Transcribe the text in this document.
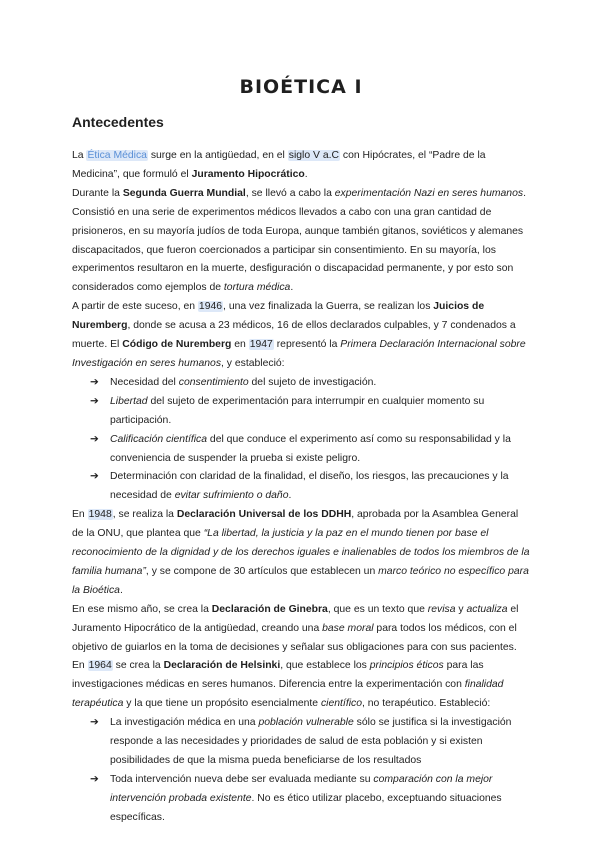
BIOÉTICA I
Antecedentes

La Ética Médica surge en la antigüedad, en el siglo V a.C con Hipócrates, el “Padre de la Medicina”, que formuló el Juramento Hipocrático.

Durante la Segunda Guerra Mundial, se llevó a cabo la experimentación Nazi en seres humanos. Consistió en una serie de experimentos médicos llevados a cabo con una gran cantidad de prisioneros, en su mayoría judíos de toda Europa, aunque también gitanos, soviéticos y alemanes discapacitados, que fueron coercionados a participar sin consentimiento. En su mayoría, los experimentos resultaron en la muerte, desfiguración o discapacidad permanente, y por esto son considerados como ejemplos de tortura médica.

A partir de este suceso, en 1946, una vez finalizada la Guerra, se realizan los Juicios de Nuremberg, donde se acusa a 23 médicos, 16 de ellos declarados culpables, y 7 condenados a muerte. El Código de Nuremberg en 1947 representó la Primera Declaración Internacional sobre Investigación en seres humanos, y estableció:

➔ Necesidad del consentimiento del sujeto de investigación.
➔ Libertad del sujeto de experimentación para interrumpir en cualquier momento su participación.
➔ Calificación científica del que conduce el experimento así como su responsabilidad y la conveniencia de suspender la prueba si existe peligro.
➔ Determinación con claridad de la finalidad, el diseño, los riesgos, las precauciones y la necesidad de evitar sufrimiento o daño.

En 1948, se realiza la Declaración Universal de los DDHH, aprobada por la Asamblea General de la ONU, que plantea que “La libertad, la justicia y la paz en el mundo tienen por base el reconocimiento de la dignidad y de los derechos iguales e inalienables de todos los miembros de la familia humana”, y se compone de 30 artículos que establecen un marco teórico no específico para la Bioética.

En ese mismo año, se crea la Declaración de Ginebra, que es un texto que revisa y actualiza el Juramento Hipocrático de la antigüedad, creando una base moral para todos los médicos, con el objetivo de guiarlos en la toma de decisiones y señalar sus obligaciones para con sus pacientes.

En 1964 se crea la Declaración de Helsinki, que establece los principios éticos para las investigaciones médicas en seres humanos. Diferencia entre la experimentación con finalidad terapéutica y la que tiene un propósito esencialmente científico, no terapéutico. Estableció:

➔ La investigación médica en una población vulnerable sólo se justifica si la investigación responde a las necesidades y prioridades de salud de esta población y si existen posibilidades de que la misma pueda beneficiarse de los resultados
➔ Toda intervención nueva debe ser evaluada mediante su comparación con la mejor intervención probada existente. No es ético utilizar placebo, exceptuando situaciones específicas.
